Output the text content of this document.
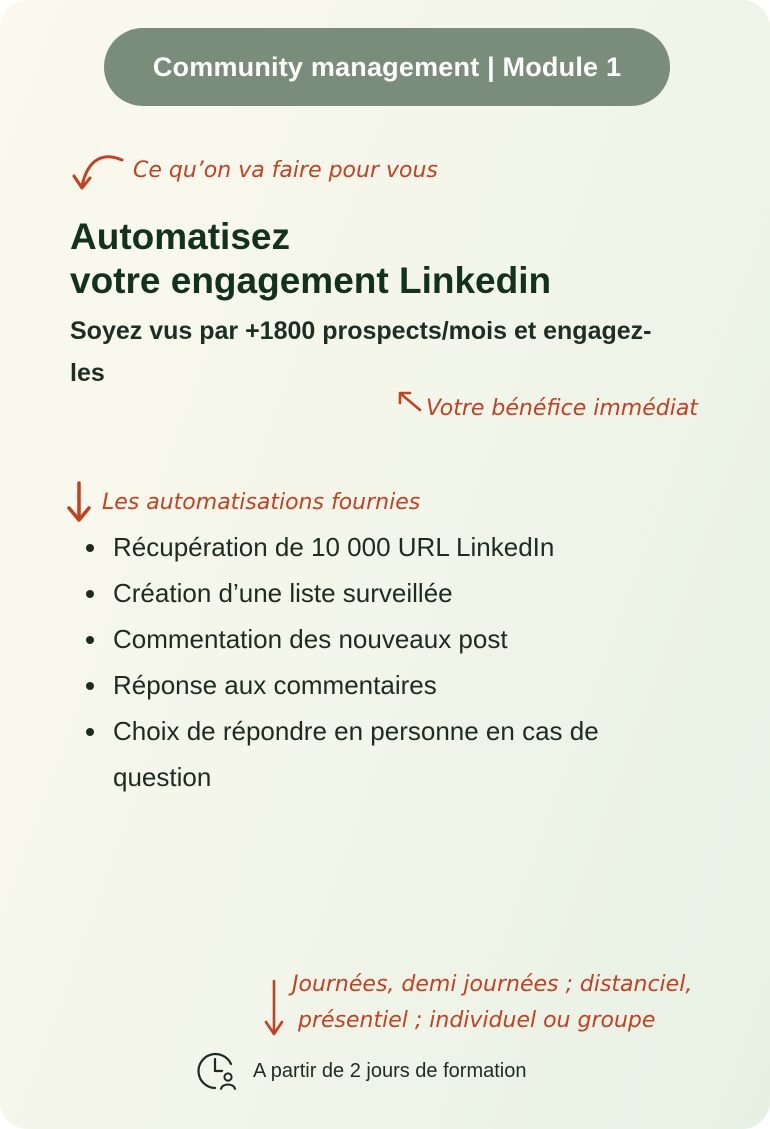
Community management | Module 1
Ce qu’on va faire pour vous
Automatisez
votre engagement Linkedin
Soyez vus par +1800 prospects/mois et engagez-les
Votre bénéfice immédiat
Les automatisations fournies
Récupération de 10 000 URL LinkedIn
Création d’une liste surveillée
Commentation des nouveaux post
Réponse aux commentaires
Choix de répondre en personne en cas de question
Journées, demi journées ; distanciel,
présentiel ; individuel ou groupe
A partir de 2 jours de formation
